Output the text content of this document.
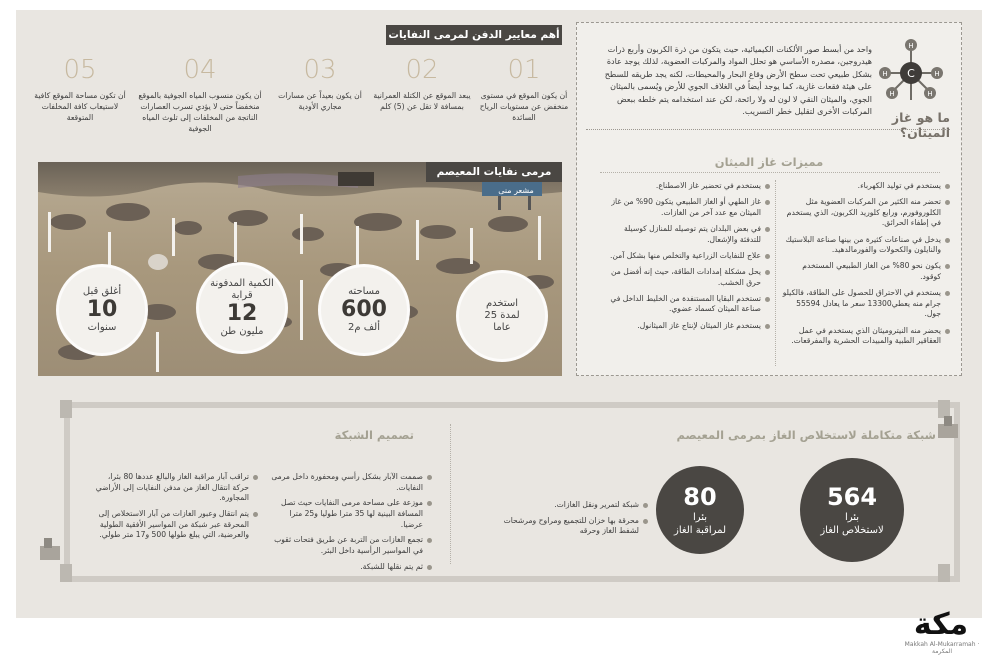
واحد من أبسط صور الألكنات الكيميائية، حيث يتكون من ذرة الكربون وأربع ذرات هيدروجين، مصدره الأساسي هو تحلل المواد والمركبات العضوية، لذلك يوجد عادة بشكل طبيعي تحت سطح الأرض وقاع البحار والمحيطات، لكنه يجد طريقه للسطح على هيئة فقعات غازية، كما يوجد أيضاً في الغلاف الجوي للأرض ويُسمى بالميثان الجوي، والميثان النقي لا لون له ولا رائحة، لكن عند استخدامه يتم خلطه ببعض المركبات الأخرى لتقليل خطر التسريب.
C
H
H	H
H	H
ما هو غاز الميثان؟
مميزات غاز الميثان
يستخدم في توليد الكهرباء.
تحضر منه الكثير من المركبات العضوية مثل الكلوروفورم، ورابع كلوريد الكربون، الذي يستخدم في إطفاء الحرائق.
يدخل في صناعات كثيرة من بينها صناعة البلاستيك والنايلون والكحولات والفورمالدهيد.
يكون نحو 80% من الغاز الطبيعي المستخدم كوقود.
يستخدم في الاحتراق للحصول على الطاقة، فالكيلو جرام منه يعطي13300 سعر ما يعادل 55594 جول.
يحضر منه النيتروميثان الذي يستخدم في عمل العقاقير الطبية والمبيدات الحشرية والمفرقعات.
يستخدم في تحضير غاز الاصطناع.
غاز الطهي أو الغاز الطبيعي يتكون 90% من غاز الميثان مع عدد آخر من الغازات.
في بعض البلدان يتم توصيله للمنازل كوسيلة للتدفئة والإشعال.
علاج للنفايات الزراعية والتخلص منها بشكل آمن.
يحل مشكلة إمدادات الطاقة، حيث إنه أفضل من حرق الخشب.
تستخدم البقايا المستنفدة من الخليط الداخل في صناعة الميثان كسماد عضوي.
يستخدم غاز الميثان لإنتاج غاز الميثانول.
أهم معايير الدفن لمرمى النفايات
01
أن يكون الموقع في مستوى منخفض عن مستويات الرياح السائدة
02
يبعد الموقع عن الكتلة العمرانية بمسافة لا تقل عن (5) كلم
03
أن يكون بعيداً عن مسارات مجاري الأودية
04
أن يكون منسوب المياه الجوفية بالموقع منخفضاً حتى لا يؤدي تسرب العصارات الناتجة من المخلفات إلى تلوث المياه الجوفية
05
أن تكون مساحة الموقع كافية لاستيعاب كافة المخلفات المتوقعة
مشعر منى
مرمى نفايات المعيصم
استخدم
لمدة 25
عاما
مساحته
600
ألف م2
الكمية المدفونة قرابة
12
مليون طن
أغلق قبل
10
سنوات
شبكة متكاملة لاستخلاص الغاز بمرمى المعيصم
تصميم الشبكة
564
بئرا
لاستخلاص الغاز
80
بئرا
لمراقبة الغاز
شبكة لتمرير ونقل الغازات.
محرقة بها خزان للتجميع ومراوح ومرشحات لشفط الغاز وحرقه
صممت الآبار بشكل رأسي ومحفورة داخل مرمى النفايات.
موزعة على مساحة مرمى النفايات حيث تصل المسافة البينية لها 35 مترا طوليا و25 مترا عرضيا.
تجمع الغازات من التربة عن طريق فتحات ثقوب في المواسير الرأسية داخل البئر.
ثم يتم نقلها للشبكة.
تراقب آبار مراقبة الغاز والبالغ عددها 80 بئرا، حركة انتقال الغاز من مدفن النفايات إلى الأراضي المجاورة.
يتم انتقال وعبور الغازات من آبار الاستخلاص إلى المحرقة عبر شبكة من المواسير الأفقية الطولية والعرضية، التي يبلغ طولها 500 و17 متر طولي.
مكة
Makkah Al-Mukarramah · المكرمة
